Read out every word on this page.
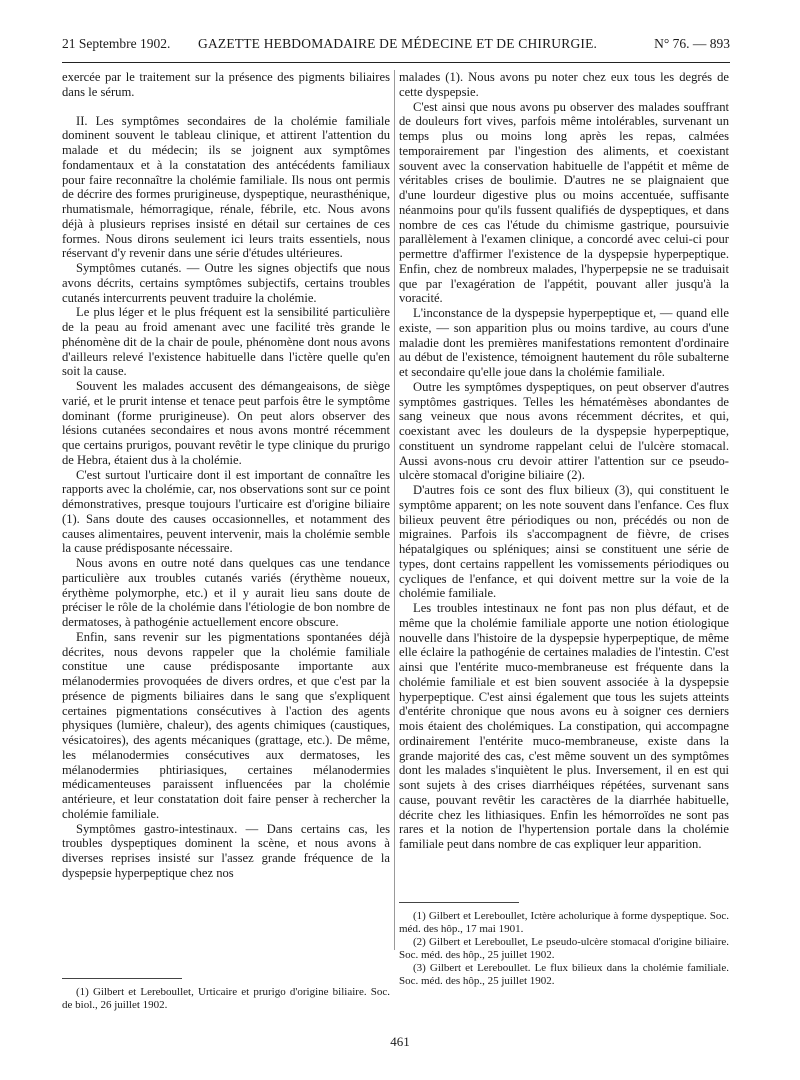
21 Septembre 1902. GAZETTE HEBDOMADAIRE DE MÉDECINE ET DE CHIRURGIE.	N° 76. — 893

exercée par le traitement sur la présence des pigments biliaires dans le sérum.

II. Les symptômes secondaires de la cholémie familiale dominent souvent le tableau clinique, et attirent l'attention du malade et du médecin; ils se joignent aux symptômes fondamentaux et à la constatation des antécédents familiaux pour faire reconnaître la cholémie familiale. Ils nous ont permis de décrire des formes prurigineuse, dyspeptique, neurasthénique, rhumatismale, hémorragique, rénale, fébrile, etc. Nous avons déjà à plusieurs reprises insisté en détail sur certaines de ces formes. Nous dirons seulement ici leurs traits essentiels, nous réservant d'y revenir dans une série d'études ultérieures.

Symptômes cutanés. — Outre les signes objectifs que nous avons décrits, certains symptômes subjectifs, certains troubles cutanés intercurrents peuvent traduire la cholémie.

Le plus léger et le plus fréquent est la sensibilité particulière de la peau au froid amenant avec une facilité très grande le phénomène dit de la chair de poule, phénomène dont nous avons d'ailleurs relevé l'existence habituelle dans l'ictère quelle qu'en soit la cause.

Souvent les malades accusent des démangeaisons, de siège varié, et le prurit intense et tenace peut parfois être le symptôme dominant (forme prurigineuse). On peut alors observer des lésions cutanées secondaires et nous avons montré récemment que certains prurigos, pouvant revêtir le type clinique du prurigo de Hebra, étaient dus à la cholémie.

C'est surtout l'urticaire dont il est important de connaître les rapports avec la cholémie, car, nos observations sont sur ce point démonstratives, presque toujours l'urticaire est d'origine biliaire (1). Sans doute des causes occasionnelles, et notamment des causes alimentaires, peuvent intervenir, mais la cholémie semble la cause prédisposante nécessaire.

Nous avons en outre noté dans quelques cas une tendance particulière aux troubles cutanés variés (érythème noueux, érythème polymorphe, etc.) et il y aurait lieu sans doute de préciser le rôle de la cholémie dans l'étiologie de bon nombre de dermatoses, à pathogénie actuellement encore obscure.

Enfin, sans revenir sur les pigmentations spontanées déjà décrites, nous devons rappeler que la cholémie familiale constitue une cause prédisposante importante aux mélanodermies provoquées de divers ordres, et que c'est par la présence de pigments biliaires dans le sang que s'expliquent certaines pigmentations consécutives à l'action des agents physiques (lumière, chaleur), des agents chimiques (caustiques, vésicatoires), des agents mécaniques (grattage, etc.). De même, les mélanodermies consécutives aux dermatoses, les mélanodermies phtiriasiques, certaines mélanodermies médicamenteuses paraissent influencées par la cholémie antérieure, et leur constatation doit faire penser à rechercher la cholémie familiale.

Symptômes gastro-intestinaux. — Dans certains cas, les troubles dyspeptiques dominent la scène, et nous avons à diverses reprises insisté sur l'assez grande fréquence de la dyspepsie hyperpeptique chez nos

malades (1). Nous avons pu noter chez eux tous les degrés de cette dyspepsie.

C'est ainsi que nous avons pu observer des malades souffrant de douleurs fort vives, parfois même intolérables, survenant un temps plus ou moins long après les repas, calmées temporairement par l'ingestion des aliments, et coexistant souvent avec la conservation habituelle de l'appétit et même de véritables crises de boulimie. D'autres ne se plaignaient que d'une lourdeur digestive plus ou moins accentuée, suffisante néanmoins pour qu'ils fussent qualifiés de dyspeptiques, et dans nombre de ces cas l'étude du chimisme gastrique, poursuivie parallèlement à l'examen clinique, a concordé avec celui-ci pour permettre d'affirmer l'existence de la dyspepsie hyperpeptique. Enfin, chez de nombreux malades, l'hyperpepsie ne se traduisait que par l'exagération de l'appétit, pouvant aller jusqu'à la voracité.

L'inconstance de la dyspepsie hyperpeptique et, — quand elle existe, — son apparition plus ou moins tardive, au cours d'une maladie dont les premières manifestations remontent d'ordinaire au début de l'existence, témoignent hautement du rôle subalterne et secondaire qu'elle joue dans la cholémie familiale.

Outre les symptômes dyspeptiques, on peut observer d'autres symptômes gastriques. Telles les hématémèses abondantes de sang veineux que nous avons récemment décrites, et qui, coexistant avec les douleurs de la dyspepsie hyperpeptique, constituent un syndrome rappelant celui de l'ulcère stomacal. Aussi avons-nous cru devoir attirer l'attention sur ce pseudo-ulcère stomacal d'origine biliaire (2).

D'autres fois ce sont des flux bilieux (3), qui constituent le symptôme apparent; on les note souvent dans l'enfance. Ces flux bilieux peuvent être périodiques ou non, précédés ou non de migraines. Parfois ils s'accompagnent de fièvre, de crises hépatalgiques ou spléniques; ainsi se constituent une série de types, dont certains rappellent les vomissements périodiques ou cycliques de l'enfance, et qui doivent mettre sur la voie de la cholémie familiale.

Les troubles intestinaux ne font pas non plus défaut, et de même que la cholémie familiale apporte une notion étiologique nouvelle dans l'histoire de la dyspepsie hyperpeptique, de même elle éclaire la pathogénie de certaines maladies de l'intestin. C'est ainsi que l'entérite muco-membraneuse est fréquente dans la cholémie familiale et est bien souvent associée à la dyspepsie hyperpeptique. C'est ainsi également que tous les sujets atteints d'entérite chronique que nous avons eu à soigner ces derniers mois étaient des cholémiques. La constipation, qui accompagne ordinairement l'entérite muco-membraneuse, existe dans la grande majorité des cas, c'est même souvent un des symptômes dont les malades s'inquiètent le plus. Inversement, il en est qui sont sujets à des crises diarrhéiques répétées, survenant sans cause, pouvant revêtir les caractères de la diarrhée habituelle, décrite chez les lithiasiques. Enfin les hémorroïdes ne sont pas rares et la notion de l'hypertension portale dans la cholémie familiale peut dans nombre de cas expliquer leur apparition.

(1) Gilbert et Lereboullet, Ictère acholurique à forme dyspeptique. Soc. méd. des hôp., 17 mai 1901.

(2) Gilbert et Lereboullet, Le pseudo-ulcère stomacal d'origine biliaire. Soc. méd. des hôp., 25 juillet 1902.

(3) Gilbert et Lereboullet. Le flux bilieux dans la cholémie familiale. Soc. méd. des hôp., 25 juillet 1902.

(1) Gilbert et Lereboullet, Urticaire et prurigo d'origine biliaire. Soc. de biol., 26 juillet 1902.

461
